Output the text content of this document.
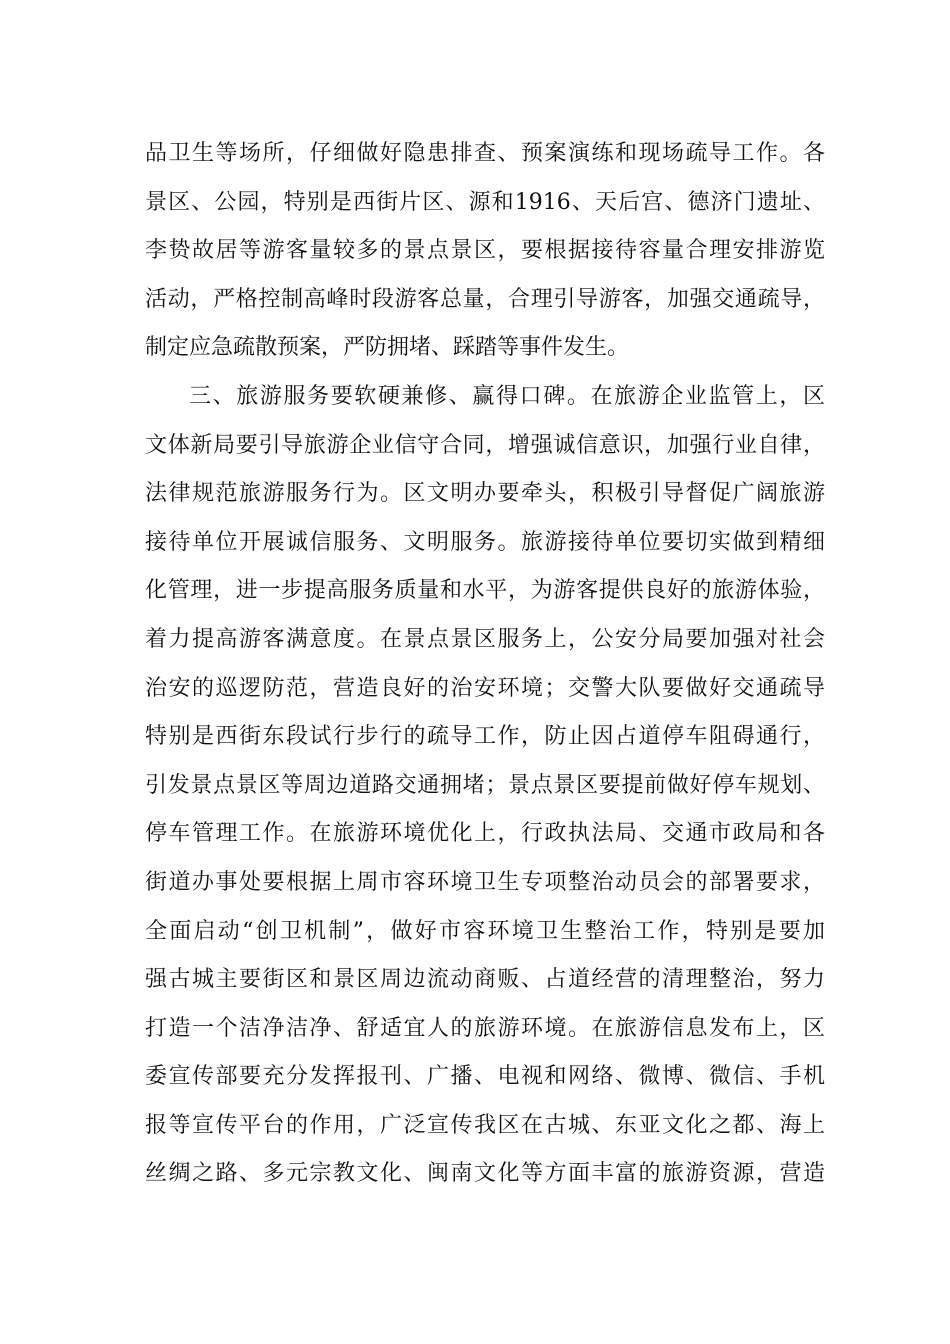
品卫生等场所，仔细做好隐患排查、预案演练和现场疏导工作。各
景区、公园，特别是西街片区、源和1916、天后宫、德济门遗址、
李贽故居等游客量较多的景点景区，要根据接待容量合理安排游览
活动，严格控制高峰时段游客总量，合理引导游客，加强交通疏导，
制定应急疏散预案，严防拥堵、踩踏等事件发生。
三、旅游服务要软硬兼修、赢得口碑。在旅游企业监管上，区
文体新局要引导旅游企业信守合同，增强诚信意识，加强行业自律，
法律规范旅游服务行为。区文明办要牵头，积极引导督促广阔旅游
接待单位开展诚信服务、文明服务。旅游接待单位要切实做到精细
化管理，进一步提高服务质量和水平，为游客提供良好的旅游体验，
着力提高游客满意度。在景点景区服务上，公安分局要加强对社会
治安的巡逻防范，营造良好的治安环境；交警大队要做好交通疏导
特别是西街东段试行步行的疏导工作，防止因占道停车阻碍通行，
引发景点景区等周边道路交通拥堵；景点景区要提前做好停车规划、
停车管理工作。在旅游环境优化上，行政执法局、交通市政局和各
街道办事处要根据上周市容环境卫生专项整治动员会的部署要求，
全面启动“创卫机制”，做好市容环境卫生整治工作，特别是要加
强古城主要街区和景区周边流动商贩、占道经营的清理整治，努力
打造一个洁净洁净、舒适宜人的旅游环境。在旅游信息发布上，区
委宣传部要充分发挥报刊、广播、电视和网络、微博、微信、手机
报等宣传平台的作用，广泛宣传我区在古城、东亚文化之都、海上
丝绸之路、多元宗教文化、闽南文化等方面丰富的旅游资源，营造
